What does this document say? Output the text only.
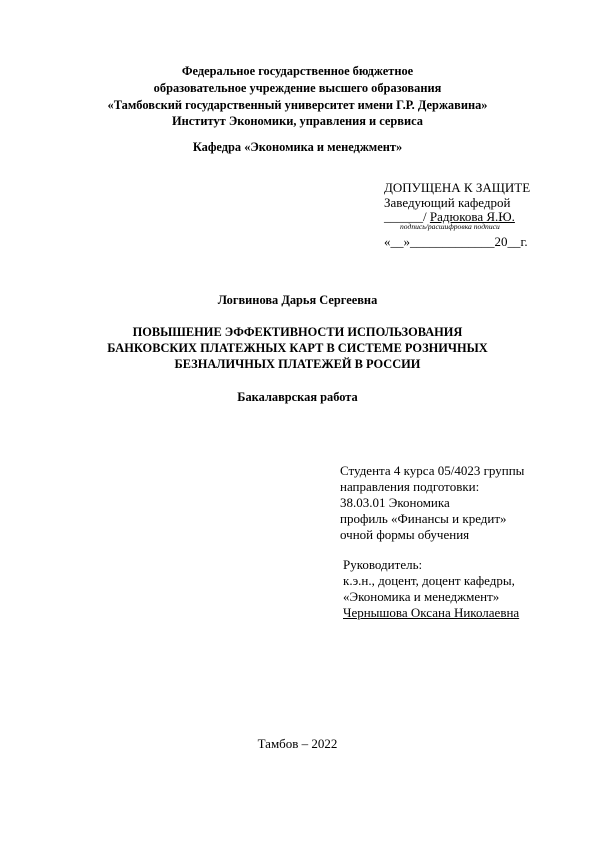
Федеральное государственное бюджетное
образовательное учреждение высшего образования
«Тамбовский государственный университет имени Г.Р. Державина»
Институт Экономики, управления и сервиса
Кафедра «Экономика и менеджмент»
ДОПУЩЕНА К ЗАЩИТЕ
Заведующий кафедрой
______/ Радюкова Я.Ю.
подпись/расшифровка подписи
«__»_____________20__г.
Логвинова Дарья Сергеевна
ПОВЫШЕНИЕ ЭФФЕКТИВНОСТИ ИСПОЛЬЗОВАНИЯ
БАНКОВСКИХ ПЛАТЕЖНЫХ КАРТ В СИСТЕМЕ РОЗНИЧНЫХ
БЕЗНАЛИЧНЫХ ПЛАТЕЖЕЙ В РОССИИ
Бакалаврская работа
Студента 4 курса 05/4023 группы
направления подготовки:
38.03.01 Экономика
профиль «Финансы и кредит»
очной формы обучения
Руководитель:
к.э.н., доцент, доцент кафедры,
«Экономика и менеджмент»
Чернышова Оксана Николаевна
Тамбов – 2022
